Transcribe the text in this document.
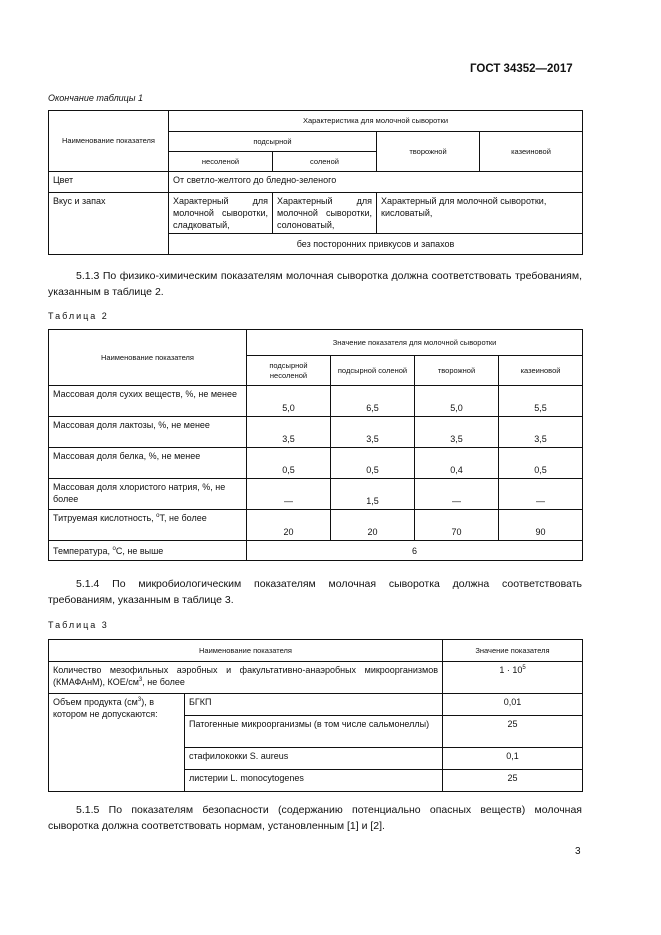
ГОСТ 34352—2017
Окончание таблицы 1
Наименование показателя	Характеристика для молочной сыворотки			
	подсырной		творожной	казеиновой
	несоленой	соленой		
Цвет	От светло-желтого до бледно-зеленого			
Вкус и запах	Характерный для молочной сыворотки, сладковатый,	Характерный для молочной сыворотки, солоноватый,	Характерный для молочной сыворотки, кисловатый,	
	без посторонних привкусов и запахов			
5.1.3 По физико-химическим показателям молочная сыворотка должна соответствовать требованиям, указанным в таблице 2.
Таблица 2
Наименование показателя	Значение показателя для молочной сыворотки			
	подсырной несоленой	подсырной соленой	творожной	казеиновой
Массовая доля сухих веществ, %, не менее	5,0	6,5	5,0	5,5
Массовая доля лактозы, %, не менее	3,5	3,5	3,5	3,5
Массовая доля белка, %, не менее	0,5	0,5	0,4	0,5
Массовая доля хлористого натрия, %, не более	—	1,5	—	—
Титруемая кислотность, $^о$Т, не более	20	20	70	90
Температура, $^о$С, не выше	6			
5.1.4 По микробиологическим показателям молочная сыворотка должна соответствовать требованиям, указанным в таблице 3.
Таблица 3
Наименование показателя		Значение показателя
Количество мезофильных аэробных и факультативно-анаэробных микроорганизмов (КМАФАнМ), КОЕ/$см^3$, не более		$1 \cdot 10^5$
Объем продукта $(см^3)$, в котором не допускаются:	БГКП	0,01
	Патогенные микроорганизмы (в том числе сальмонеллы)	25
	стафилококки S. aureus	0,1
	листерии L. monocytogenes	25
5.1.5 По показателям безопасности (содержанию потенциально опасных веществ) молочная сыворотка должна соответствовать нормам, установленным [1] и [2].
3
